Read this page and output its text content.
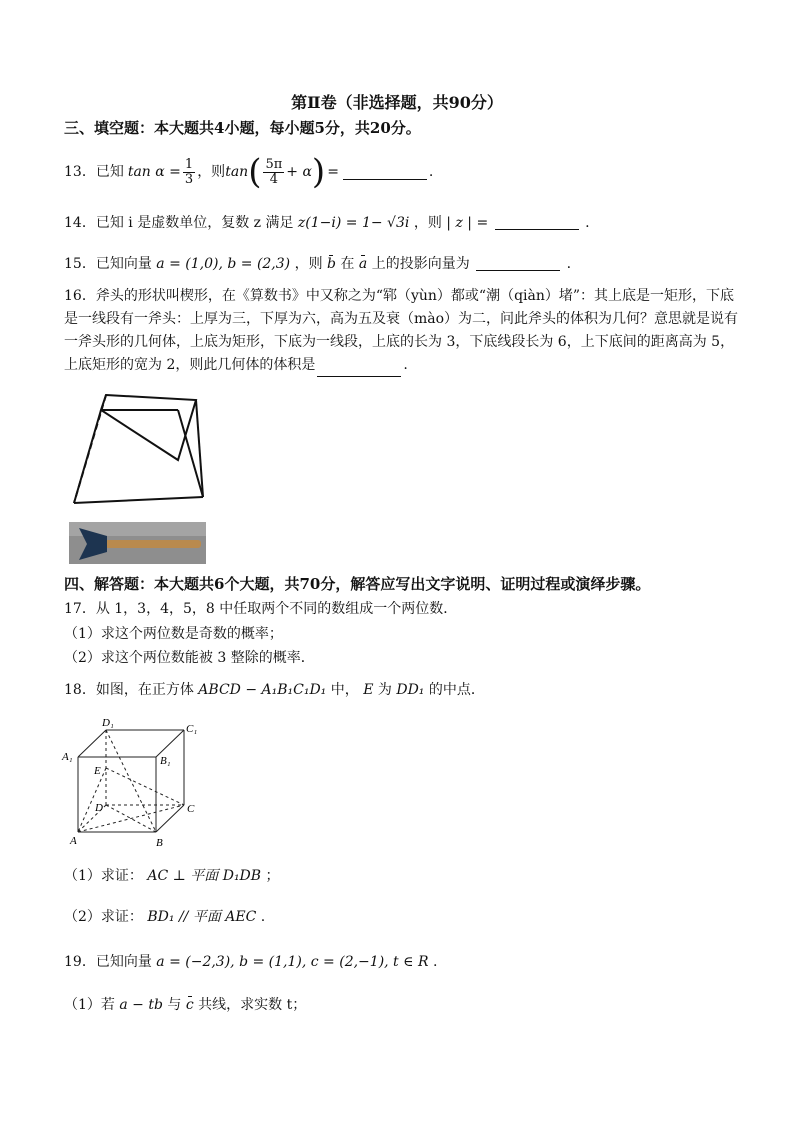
第Ⅱ卷（非选择题，共90分）
三、填空题：本大题共4小题，每小题5分，共20分。
13．已知 $\tan \alpha = \frac{1}{3}$ ，则 tan ( $\frac{5\pi}{4} + \alpha$ ) =	.
14．已知 i 是虚数单位，复数 z 满足 z(1−i) = 1− √3i ，则 | z | =	.
15．已知向量 a = (1,0), b = (2,3) ，则 b 在 a 上的投影向量为	.
16．斧头的形状叫楔形，在《算数书》中又称之为“郓（yùn）都或“潮（qiàn）堵”：其上底是一矩形，下底是一线段有一斧头：上厚为三，下厚为六，高为五及衰（mào）为二，问此斧头的体积为几何？意思就是说有一斧头形的几何体，上底为矩形，下底为一线段，上底的长为 3，下底线段长为 6，上下底间的距离高为 5，上底矩形的宽为 2，则此几何体的体积是	.
四、解答题：本大题共6个大题，共70分，解答应写出文字说明、证明过程或演绎步骤。
17．从 1，3，4，5，8 中任取两个不同的数组成一个两位数．
（1）求这个两位数是奇数的概率；
（2）求这个两位数能被 3 整除的概率．
18．如图，在正方体 ABCD − A₁B₁C₁D₁ 中， E 为 DD₁ 的中点．
D₁	C₁
A₁	B₁
E
D	C
A	B
（1）求证： AC ⊥ 平面 D₁DB ；
（2）求证： BD₁ // 平面 AEC .
19．已知向量 a = (−2,3), b = (1,1), c = (2,−1), t ∈ R .
（1）若 a − tb 与 c 共线，求实数 t；
